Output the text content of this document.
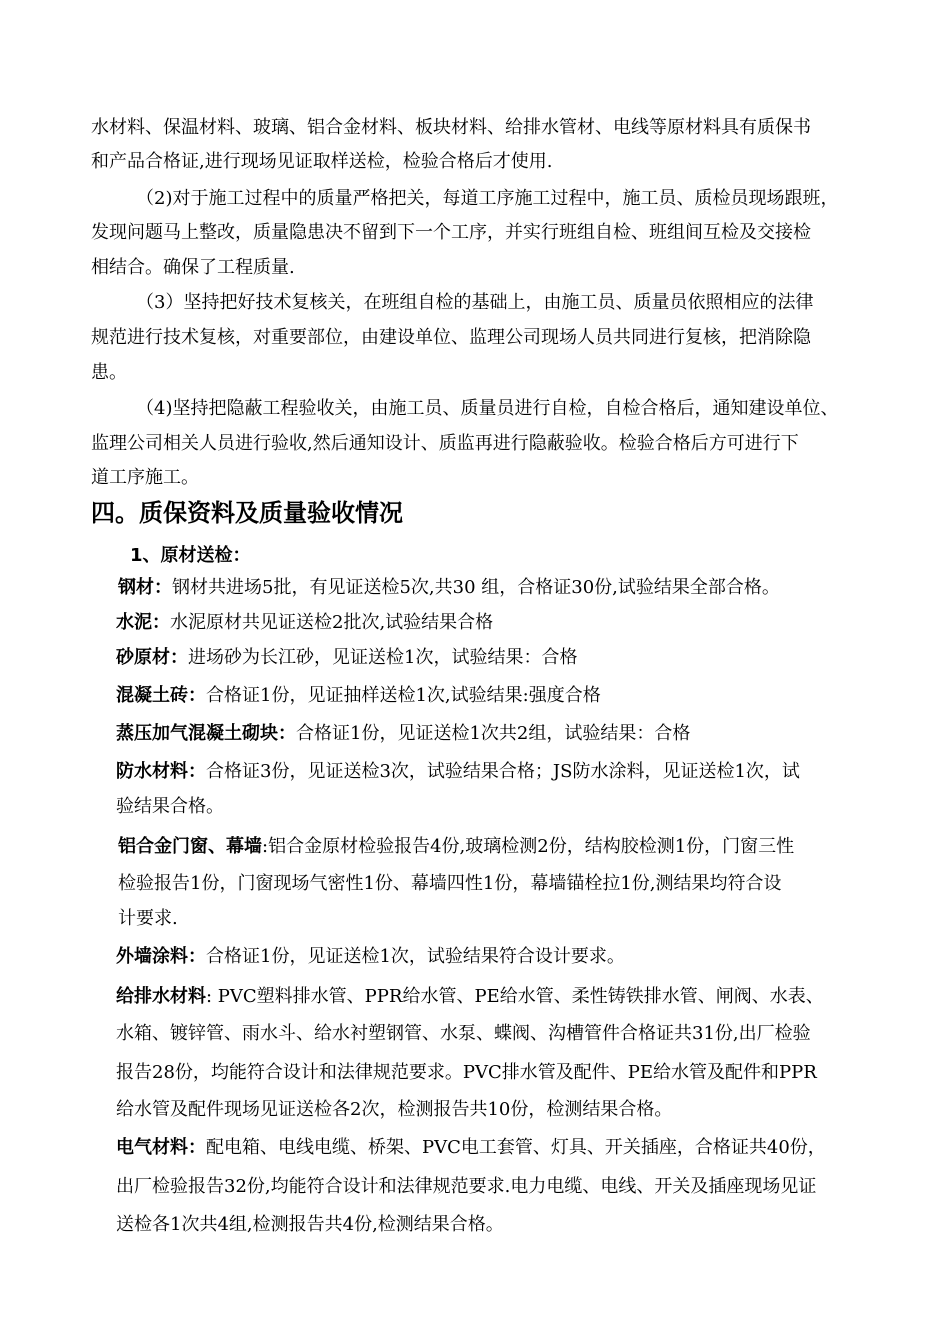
水材料、保温材料、玻璃、铝合金材料、板块材料、给排水管材、电线等原材料具有质保书

和产品合格证,进行现场见证取样送检，检验合格后才使用.

（2)对于施工过程中的质量严格把关，每道工序施工过程中，施工员、质检员现场跟班，

发现问题马上整改，质量隐患决不留到下一个工序，并实行班组自检、班组间互检及交接检

相结合。确保了工程质量.

（3）坚持把好技术复核关，在班组自检的基础上，由施工员、质量员依照相应的法律

规范进行技术复核，对重要部位，由建设单位、监理公司现场人员共同进行复核，把消除隐

患。

（4)坚持把隐蔽工程验收关，由施工员、质量员进行自检，自检合格后，通知建设单位、

监理公司相关人员进行验收,然后通知设计、质监再进行隐蔽验收。检验合格后方可进行下

道工序施工。

四。质保资料及质量验收情况

1、原材送检：

钢材：钢材共进场5批，有见证送检5次,共30 组，合格证30份,试验结果全部合格。

水泥：水泥原材共见证送检2批次,试验结果合格

砂原材：进场砂为长江砂，见证送检1次，试验结果：合格

混凝土砖：合格证1份，见证抽样送检1次,试验结果:强度合格

蒸压加气混凝土砌块：合格证1份，见证送检1次共2组，试验结果：合格

防水材料：合格证3份，见证送检3次，试验结果合格；JS防水涂料，见证送检1次，试

验结果合格。

铝合金门窗、幕墙:铝合金原材检验报告4份,玻璃检测2份，结构胶检测1份，门窗三性

检验报告1份，门窗现场气密性1份、幕墙四性1份，幕墙锚栓拉1份,测结果均符合设

计要求.

外墙涂料：合格证1份，见证送检1次，试验结果符合设计要求。

给排水材料: PVC塑料排水管、PPR给水管、PE给水管、柔性铸铁排水管、闸阀、水表、

水箱、镀锌管、雨水斗、给水衬塑钢管、水泵、蝶阀、沟槽管件合格证共31份,出厂检验

报告28份，均能符合设计和法律规范要求。PVC排水管及配件、PE给水管及配件和PPR

给水管及配件现场见证送检各2次，检测报告共10份，检测结果合格。

电气材料：配电箱、电线电缆、桥架、PVC电工套管、灯具、开关插座，合格证共40份，

出厂检验报告32份,均能符合设计和法律规范要求.电力电缆、电线、开关及插座现场见证

送检各1次共4组,检测报告共4份,检测结果合格。
